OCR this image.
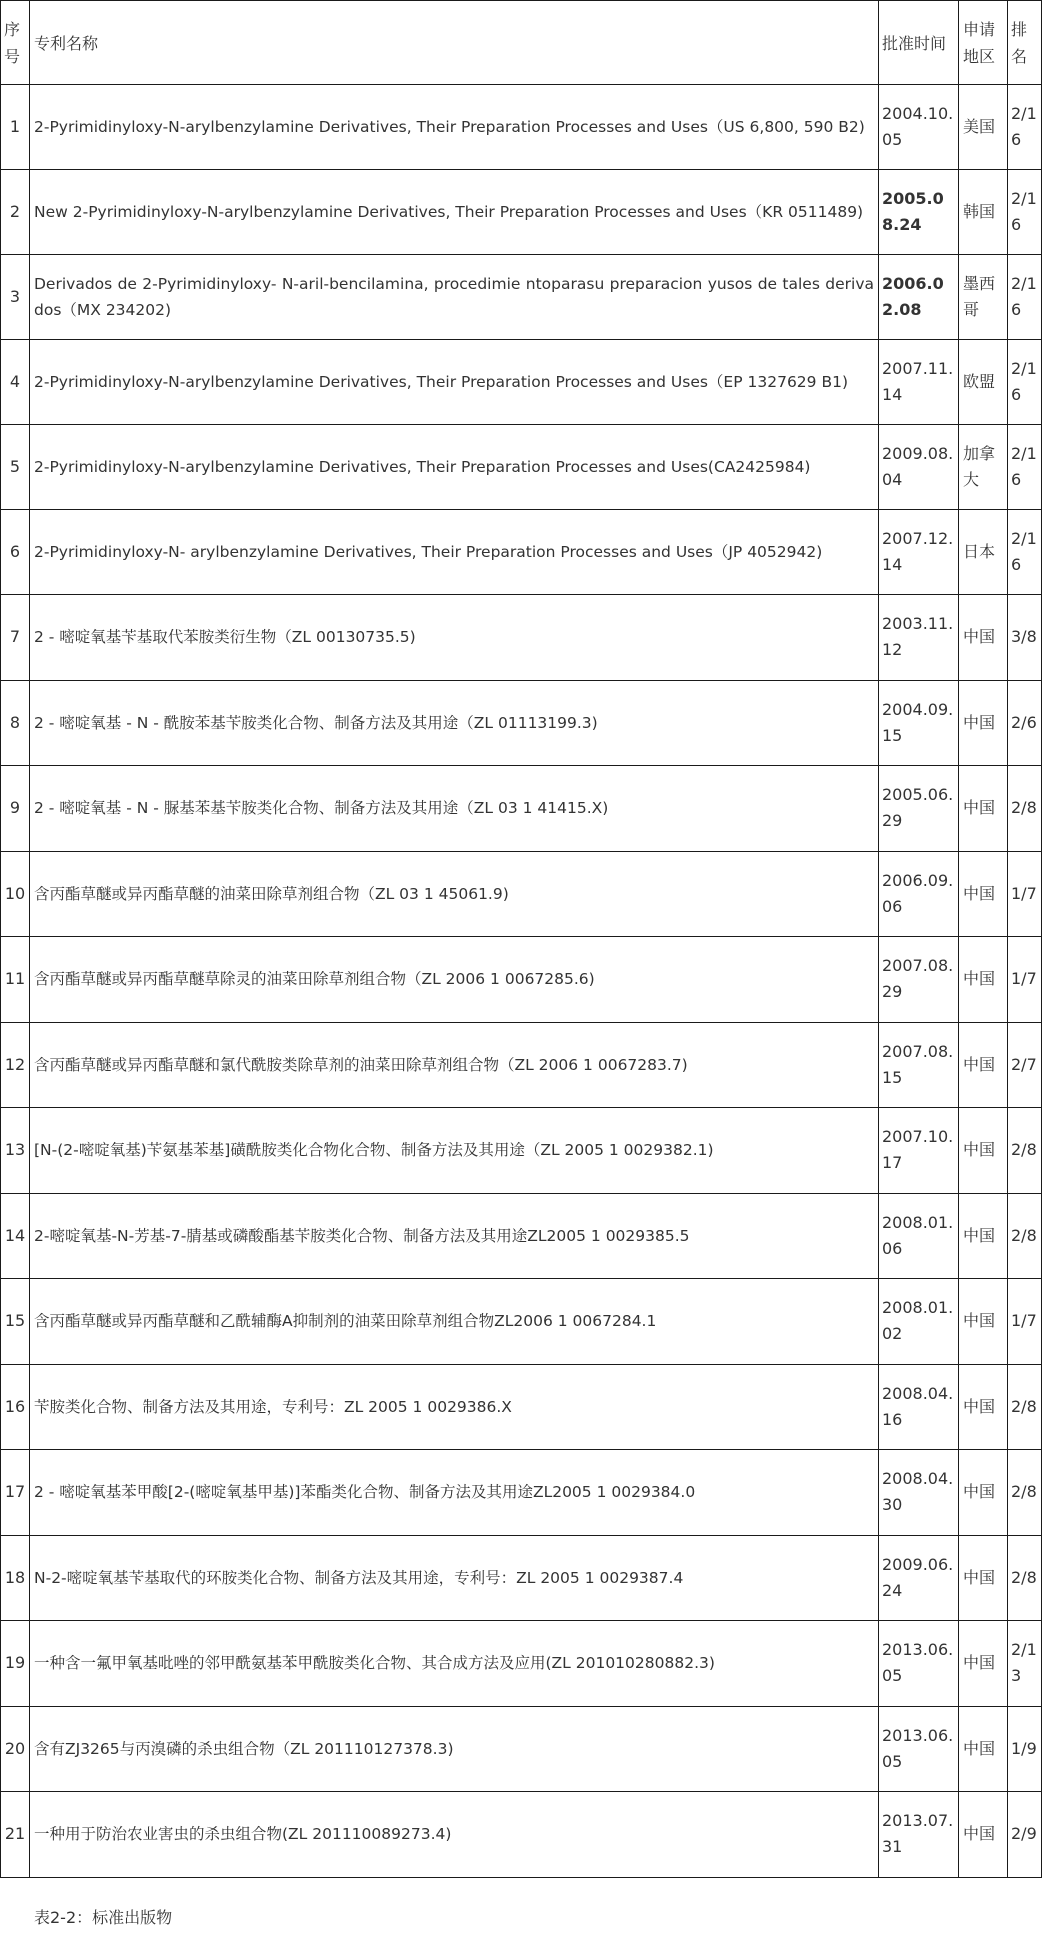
序号	专利名称	批准时间	申请地区	排名
1	2-Pyrimidinyloxy-N-arylbenzylamine Derivatives, Their Preparation Processes and Uses（US 6,800, 590 B2)	2004.10.05	美国	2/16
2	New 2-Pyrimidinyloxy-N-arylbenzylamine Derivatives, Their Preparation Processes and Uses（KR 0511489)	2005.08.24	韩国	2/16
3	Derivados de 2-Pyrimidinyloxy- N-aril-bencilamina, procedimie ntoparasu preparacion yusos de tales derivados（MX 234202)	2006.02.08	墨西哥	2/16
4	2-Pyrimidinyloxy-N-arylbenzylamine Derivatives, Their Preparation Processes and Uses（EP 1327629 B1)	2007.11.14	欧盟	2/16
5	2-Pyrimidinyloxy-N-arylbenzylamine Derivatives, Their Preparation Processes and Uses(CA2425984)	2009.08.04	加拿大	2/16
6	2-Pyrimidinyloxy-N- arylbenzylamine Derivatives, Their Preparation Processes and Uses（JP 4052942)	2007.12.14	日本	2/16
7	2 - 嘧啶氧基苄基取代苯胺类衍生物（ZL 00130735.5)	2003.11.12	中国	3/8
8	2 - 嘧啶氧基 - N - 酰胺苯基苄胺类化合物、制备方法及其用途（ZL 01113199.3)	2004.09.15	中国	2/6
9	2 - 嘧啶氧基 - N - 脲基苯基苄胺类化合物、制备方法及其用途（ZL 03 1 41415.X)	2005.06.29	中国	2/8
10	含丙酯草醚或异丙酯草醚的油菜田除草剂组合物（ZL 03 1 45061.9)	2006.09.06	中国	1/7
11	含丙酯草醚或异丙酯草醚草除灵的油菜田除草剂组合物（ZL 2006 1 0067285.6)	2007.08.29	中国	1/7
12	含丙酯草醚或异丙酯草醚和氯代酰胺类除草剂的油菜田除草剂组合物（ZL 2006 1 0067283.7)	2007.08.15	中国	2/7
13	[N-(2-嘧啶氧基)苄氨基苯基]磺酰胺类化合物化合物、制备方法及其用途（ZL 2005 1 0029382.1)	2007.10.17	中国	2/8
14	2-嘧啶氧基-N-芳基-7-腈基或磷酸酯基苄胺类化合物、制备方法及其用途ZL2005 1 0029385.5	2008.01.06	中国	2/8
15	含丙酯草醚或异丙酯草醚和乙酰辅酶A抑制剂的油菜田除草剂组合物ZL2006 1 0067284.1	2008.01.02	中国	1/7
16	苄胺类化合物、制备方法及其用途，专利号：ZL 2005 1 0029386.X	2008.04.16	中国	2/8
17	2 - 嘧啶氧基苯甲酸[2-(嘧啶氧基甲基)]苯酯类化合物、制备方法及其用途ZL2005 1 0029384.0	2008.04.30	中国	2/8
18	N-2-嘧啶氧基苄基取代的环胺类化合物、制备方法及其用途，专利号：ZL 2005 1 0029387.4	2009.06.24	中国	2/8
19	一种含一氟甲氧基吡唑的邻甲酰氨基苯甲酰胺类化合物、其合成方法及应用(ZL 201010280882.3)	2013.06.05	中国	2/13
20	含有ZJ3265与丙溴磷的杀虫组合物（ZL 201110127378.3)	2013.06.05	中国	1/9
21	一种用于防治农业害虫的杀虫组合物(ZL 201110089273.4)	2013.07.31	中国	2/9
表2-2：标准出版物
